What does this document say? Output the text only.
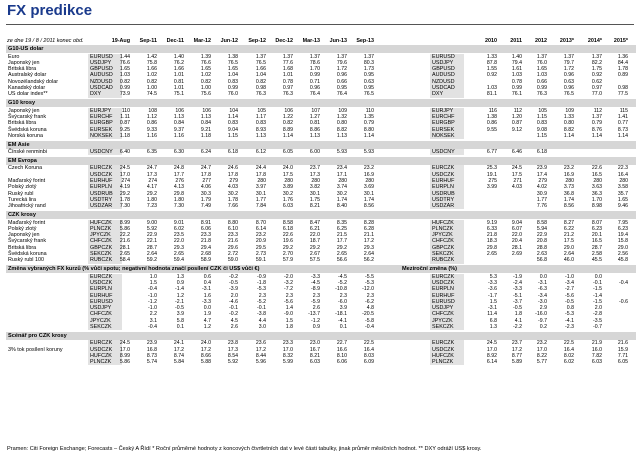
FX predikce
ze dne 19 / 8 / 2011 konec obd.	19-Aug	Sep-11	Dec-11	Mar-12	Jun-12	Sep-12	Dec-12	Mar-13	Jun-13	Sep-13	2010	2011	2012	2013*	2014*	2015*
G10-US dolar
Euro	EURUSD	1.44	1.42	1.40	1.39	1.38	1.37	1.37	1.37	1.37	1.37	EURUSD	1.33	1.40	1.37	1.37	1.37	1.36
Japonský jen	USDJPY	76.6	75.8	76.2	76.6	76.5	76.5	77.6	78.6	79.6	80.3	USDJPY	87.8	79.4	76.0	79.7	82.2	84.4
Britská libra	GBPUSD	1.65	1.66	1.66	1.65	1.65	1.66	1.68	1.70	1.72	1.73	GBPUSD	1.55	1.61	1.65	1.72	1.75	1.78
Australský dolar	AUDUSD	1.03	1.02	1.01	1.02	1.04	1.04	1.01	0.99	0.96	0.95	AUDUSD	0.92	1.03	1.03	0.96	0.92	0.89
Novozélandský dolar	NZDUSD	0.82	0.82	0.81	0.82	0.83	0.82	0.78	0.71	0.66	0.63	NZDUSD	0.78	0.66	0.63	0.62
Kanadský dolar	USDCAD	0.99	1.00	1.01	1.00	0.99	0.98	0.97	0.96	0.95	0.95	USDCAD	1.03	0.99	0.99	0.96	0.97	0.98
US dolar index**	DXY	73.9	74.5	75.1	75.6	76.0	76.3	76.3	76.4	76.4	76.5	DXY	81.1	76.1	76.3	76.5	77.0	77.5
G10 krosy
Japonský jen	EURJPY	110	108	106	106	104	105	106	107	109	110	EURJPY	116	112	105	109	112	115
Švýcarský frank	EURCHF	1.11	1.12	1.13	1.13	1.14	1.17	1.22	1.27	1.32	1.35	EURCHF	1.38	1.20	1.15	1.33	1.37	1.41
Britská libra	EURGBP	0.87	0.86	0.84	0.84	0.83	0.83	0.82	0.81	0.80	0.79	EURGBP	0.86	0.87	0.83	0.80	0.79	0.77
Švédská koruna	EURSEK	9.25	9.33	9.37	9.21	9.04	8.93	8.89	8.86	8.82	8.80	EURSEK	9.55	9.12	9.08	8.82	8.76	8.73
Norská koruna	NOKSEK	1.18	1.16	1.16	1.18	1.15	1.13	1.14	1.13	1.13	1.14	NOKSEK	1.15	1.14	1.14	1.14
EM Asie
Čínské renminbi	USDCNY	6.40	6.35	6.30	6.24	6.18	6.12	6.05	6.00	5.93	5.93	USDCNY	6.77	6.46	6.18
EM Evropa
Czech Koruna	EURCZK	24.5	24.7	24.8	24.7	24.6	24.4	24.0	23.7	23.4	23.2	EURCZK	25.3	24.5	23.9	23.2	22.6	22.3
USDCZK	17.0	17.3	17.7	17.8	17.8	17.8	17.5	17.3	17.1	16.9	USDCZK	19.1	17.5	17.4	16.9	16.5	16.4
Maďarský forint	EURHUF	274	274	276	277	279	280	280	280	280	280	EURHUF	275	271	279	280	280	280
Polský zlotý	EURPLN	4.19	4.17	4.13	4.06	4.03	3.97	3.89	3.82	3.74	3.69	EURPLN	3.99	4.03	4.02	3.73	3.63	3.58
Ruský rubl	USDRUB	29.2	29.2	29.8	30.3	30.2	30.1	30.2	30.1	30.2	30.1	USDRUB	30.9	36.8	36.3	35.7
Turecká lira	USDTRY	1.78	1.80	1.80	1.79	1.78	1.77	1.76	1.75	1.74	1.74	USDTRY	1.77	1.74	1.70	1.65
Jihoafrický rand	USDZAR	7.30	7.23	7.30	7.49	7.66	7.84	6.03	8.21	8.40	8.56	USDZAR	7.76	8.56	8.98	9.46
CZK krosy
Maďarský forint	HUFCZK	8.99	9.00	9.01	8.91	8.80	8.70	8.58	8.47	8.35	8.28	HUFCZK	9.19	9.04	8.58	8.27	8.07	7.95
Polský zlotý	PLNCZK	5.86	5.92	6.02	6.06	6.10	6.14	6.18	6.21	6.25	6.28	PLNCZK	6.33	6.07	5.94	6.22	6.23	6.23
Japonský jen	JPYCZK	22.2	22.9	23.5	23.3	23.3	23.2	22.6	22.0	21.5	21.1	JPYCZK	21.8	22.0	22.9	21.2	20.1	19.4
Švýcarský frank	CHFCZK	21.6	22.1	22.0	21.8	21.6	20.9	19.6	18.7	17.7	17.2	CHFCZK	18.3	20.4	20.8	17.5	16.5	15.8
Britská libra	GBPCZK	28.1	28.7	29.3	29.4	29.6	29.5	29.2	29.2	29.2	29.3	GBPCZK	29.8	28.1	28.8	29.0	28.7	29.0
Švédská koruna	SEKCZK	2.65	2.64	2.65	2.68	2.72	2.73	2.70	2.67	2.65	2.64	SEKCZK	2.65	2.69	2.63	2.64	2.58	2.56
Ruský rubl 100	RUBCZK	58.4	59.2	59.4	58.9	59.0	59.1	57.9	57.5	56.6	56.2	RUBCZK	56.8	46.0	45.5	45.8
Změna vybraných FX kurzů (% vůči spotu; negativní hodnota značí posílení CZK či US$ vůči €)	Meziroční změna (%)
EURCZK	1.0	1.3	0.6	-0.2	-0.9	-2.0	-3.3	-4.5	-5.5	EURCZK	5.3	-1.9	0.0	-1.0	0.0
USDCZK	1.5	0.9	0.4	-0.5	-1.8	-3.2	-4.5	-5.2	-5.3	USDCZK	-3.3	-2.4	-3.1	-3.4	-0.1	-0.4
EURPLN	-0.4	-1.4	-3.1	-3.9	-5.3	-7.2	-8.9	-10.8	-12.0	EURPLN	-3.6	-3.3	-6.3	-2.7	-1.5
EURHUF	-1.0	1.2	1.6	2.0	2.3	2.3	2.3	2.3	2.3	EURHUF	-1.7	-5.1	-3.4	-5.6	-1.4
EURUSD	-1.2	-2.1	-3.3	-4.6	-5.2	-5.6	-5.9	-6.0	-6.2	EURUSD	1.5	-3.7	-3.0	-0.5	-1.5	-0.6
USDJPY	-1.0	-0.5	0.0	-0.1	-0.1	1.4	2.6	3.9	4.8	USDJPY	-3.1	-0.5	2.9	0.8	2.0
CHFCZK	2.2	3.9	1.9	-0.2	-3.8	-9.0	-13.7	-18.1	-20.5	CHFCZK	11.4	1.8	-16.0	-5.3	-2.8
JPYCZK	3.1	5.8	4.7	4.5	4.4	1.5	-1.2	-4.1	-5.8	JPYCZK	6.8	4.1	-9.7	-4.1	-3.5
SEKCZK	-0.4	0.1	1.2	2.6	3.0	1.8	0.9	0.1	-0.4	SEKCZK	1.3	-2.2	0.2	-2.3	-0.7
Scénář pro CZK krosy
EURCZK	24.5	23.9	24.1	24.0	23.8	23.6	23.3	23.0	22.7	22.5	EURCZK	24.5	23.7	23.2	22.5	21.9	21.6
3% tok posílení koruny	USDCZK	17.0	16.8	17.2	17.2	17.3	17.2	17.0	16.7	16.6	16.4	USDCZK	17.0	17.2	17.0	16.4	16.0	15.9
HUFCZK	8.99	8.73	8.74	8.66	8.54	8.44	8.32	8.21	8.10	8.03	HUFCZK	8.92	8.77	8.22	8.02	7.82	7.71
PLNCZK	5.86	5.74	5.84	5.88	5.92	5.96	5.99	6.03	6.06	6.09	PLNCZK	6.14	5.89	5.77	6.02	6.03	6.05
Pramen: Citi Foreign Exchange; Forecasts – Český A Řídí * Roční průměrné hodnoty z koncových čtvrtletních dat v levé části tabulky, jinak průměr měsíčních hodnot. ** DXY odráží US$ krosy.
